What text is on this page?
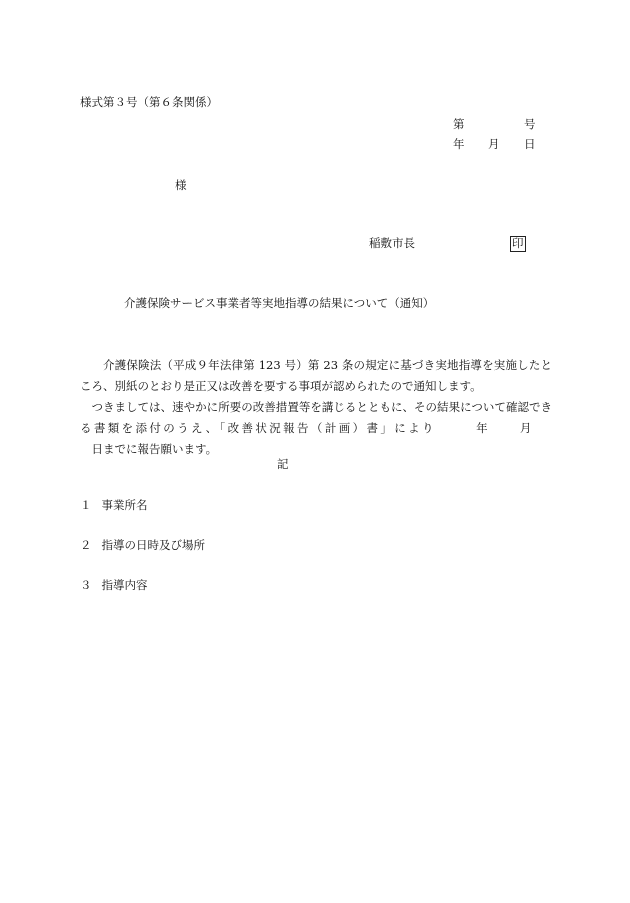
様式第３号（第６条関係）
第	号
年 月 日
様
稲敷市長	印
介護保険サービス事業者等実地指導の結果について（通知）
介護保険法（平成９年法律第 123 号）第 23 条の規定に基づき実地指導を実施したところ、別紙のとおり是正又は改善を要する事項が認められたので通知します。
つきましては、速やかに所要の改善措置等を講じるとともに、その結果について確認できる書類を添付のうえ、「改善状況報告（計画）書」により	年	月日までに報告願います。
記
１ 事業所名
２ 指導の日時及び場所
３ 指導内容
